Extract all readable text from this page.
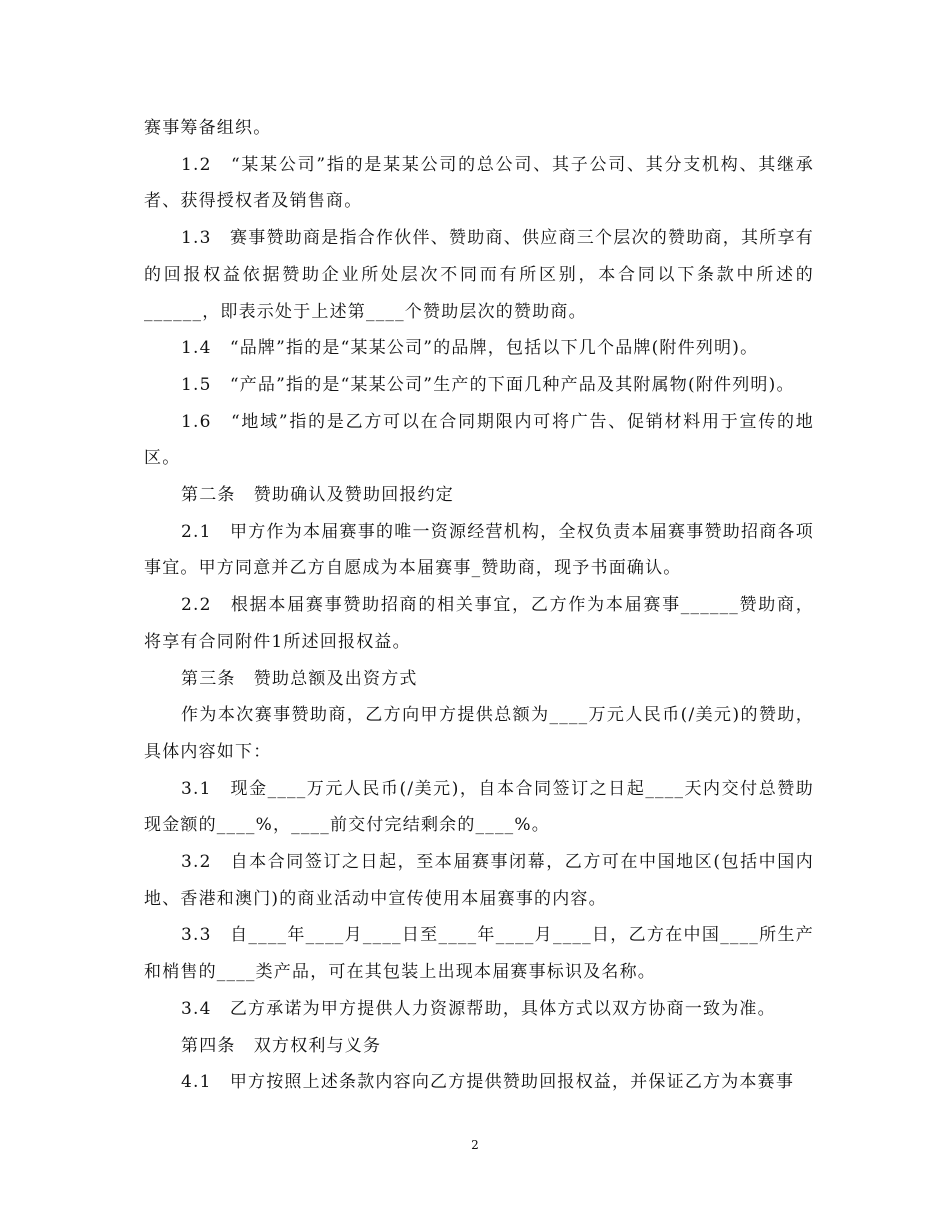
赛事筹备组织。

1.2　“某某公司”指的是某某公司的总公司、其子公司、其分支机构、其继承者、获得授权者及销售商。

1.3　赛事赞助商是指合作伙伴、赞助商、供应商三个层次的赞助商，其所享有的回报权益依据赞助企业所处层次不同而有所区别，本合同以下条款中所述的______，即表示处于上述第____个赞助层次的赞助商。

1.4　“品牌”指的是“某某公司”的品牌，包括以下几个品牌(附件列明)。

1.5　“产品”指的是“某某公司”生产的下面几种产品及其附属物(附件列明)。

1.6　“地域”指的是乙方可以在合同期限内可将广告、促销材料用于宣传的地区。

第二条　赞助确认及赞助回报约定

2.1　甲方作为本届赛事的唯一资源经营机构，全权负责本届赛事赞助招商各项事宜。甲方同意并乙方自愿成为本届赛事_赞助商，现予书面确认。

2.2　根据本届赛事赞助招商的相关事宜，乙方作为本届赛事______赞助商，将享有合同附件1所述回报权益。

第三条　赞助总额及出资方式

作为本次赛事赞助商，乙方向甲方提供总额为____万元人民币(/美元)的赞助，具体内容如下：

3.1　现金____万元人民币(/美元)，自本合同签订之日起____天内交付总赞助现金额的____%，____前交付完结剩余的____%。

3.2　自本合同签订之日起，至本届赛事闭幕，乙方可在中国地区(包括中国内地、香港和澳门)的商业活动中宣传使用本届赛事的内容。

3.3　自____年____月____日至____年____月____日，乙方在中国____所生产和梢售的____类产品，可在其包装上出现本届赛事标识及名称。

3.4　乙方承诺为甲方提供人力资源帮助，具体方式以双方协商一致为准。

第四条　双方权利与义务

4.1　甲方按照上述条款内容向乙方提供赞助回报权益，并保证乙方为本赛事

2
